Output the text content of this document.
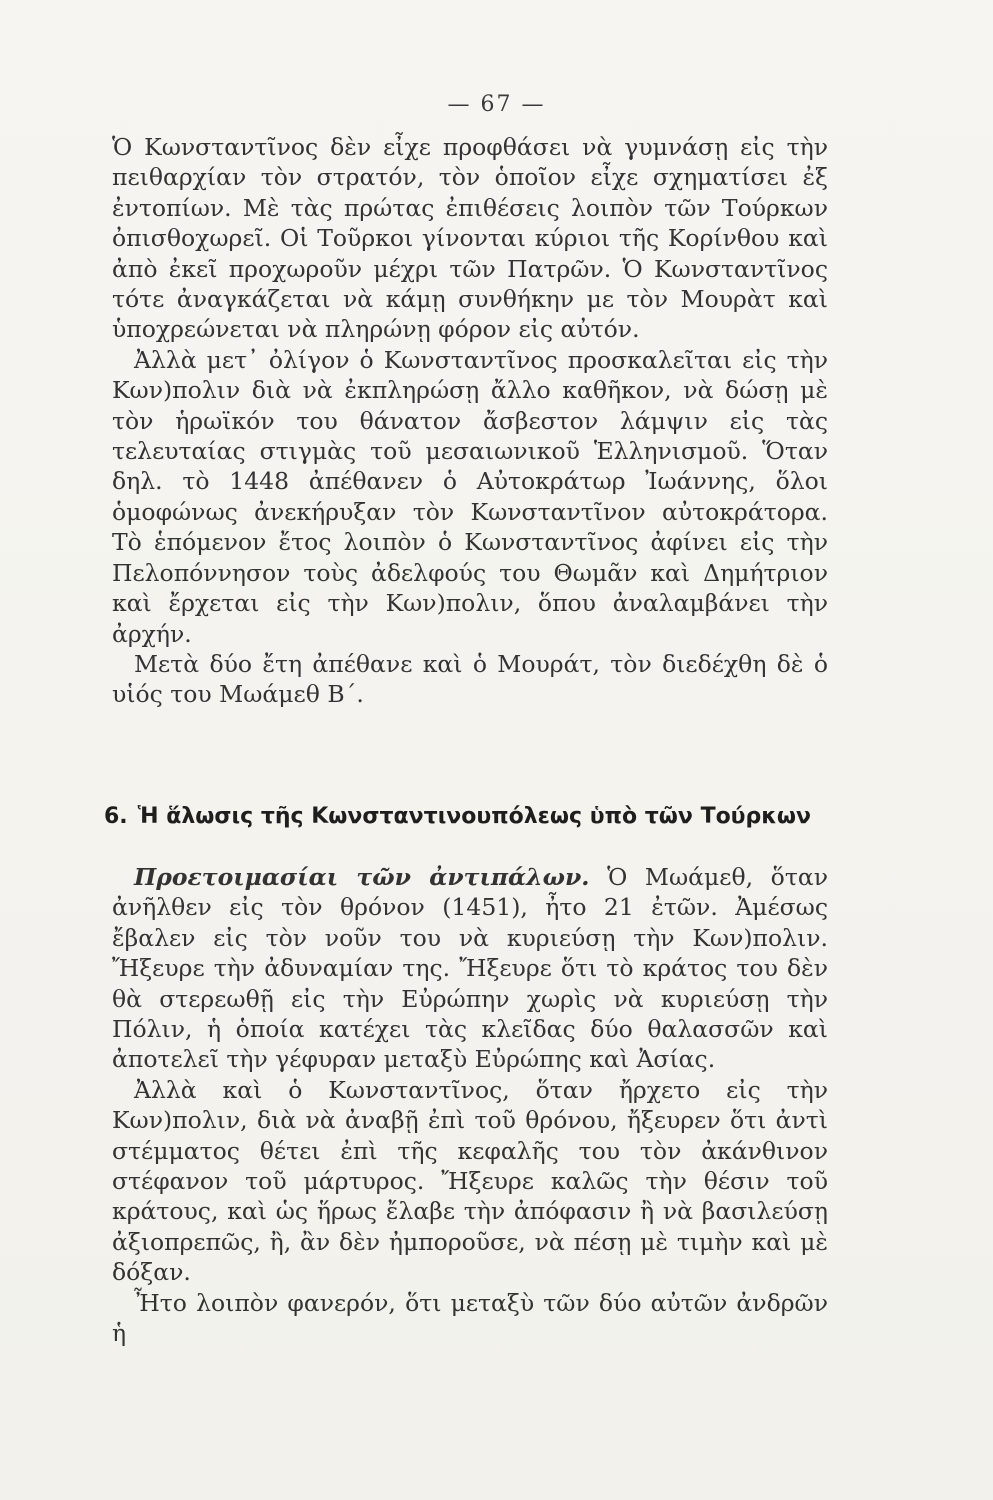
— 67 —

Ὁ Κωνσταντῖνος δὲν εἶχε προφθάσει νὰ γυμνάσῃ εἰς τὴν πειθαρχίαν τὸν στρατόν, τὸν ὁποῖον εἶχε σχηματίσει ἐξ ἐντοπίων. Μὲ τὰς πρώτας ἐπιθέσεις λοιπὸν τῶν Τούρκων ὀπισθοχωρεῖ. Οἱ Τοῦρκοι γίνονται κύριοι τῆς Κορίνθου καὶ ἀπὸ ἐκεῖ προχωροῦν μέχρι τῶν Πατρῶν. Ὁ Κωνσταντῖνος τότε ἀναγκάζεται νὰ κάμῃ συνθήκην με τὸν Μουρὰτ καὶ ὑποχρεώνεται νὰ πληρώνῃ φόρον εἰς αὐτόν.

Ἀλλὰ μετ᾿ ὀλίγον ὁ Κωνσταντῖνος προσκαλεῖται εἰς τὴν Κων)πολιν διὰ νὰ ἐκπληρώσῃ ἄλλο καθῆκον, νὰ δώσῃ μὲ τὸν ἡρωϊκόν του θάνατον ἄσβεστον λάμψιν εἰς τὰς τελευταίας στιγμὰς τοῦ μεσαιωνικοῦ Ἑλληνισμοῦ. Ὅταν δηλ. τὸ 1448 ἀπέθανεν ὁ Αὐτοκράτωρ Ἰωάννης, ὅλοι ὁμοφώνως ἀνεκήρυξαν τὸν Κωνσταντῖνον αὐτοκράτορα. Τὸ ἑπόμενον ἔτος λοιπὸν ὁ Κωνσταντῖνος ἀφίνει εἰς τὴν Πελοπόννησον τοὺς ἀδελφούς του Θωμᾶν καὶ Δημήτριον καὶ ἔρχεται εἰς τὴν Κων)πολιν, ὅπου ἀναλαμβάνει τὴν ἀρχήν.

Μετὰ δύο ἔτη ἀπέθανε καὶ ὁ Μουράτ, τὸν διεδέχθη δὲ ὁ υἱός του Μωάμεθ Β΄.

6. Ἡ ἅλωσις τῆς Κωνσταντινουπόλεως ὑπὸ τῶν Τούρκων

Προετοιμασίαι τῶν ἀντιπάλων. Ὁ Μωάμεθ, ὅταν ἀνῆλθεν εἰς τὸν θρόνον (1451), ἦτο 21 ἐτῶν. Ἀμέσως ἔβαλεν εἰς τὸν νοῦν του νὰ κυριεύσῃ τὴν Κων)πολιν. Ἤξευρε τὴν ἀδυναμίαν της. Ἤξευρε ὅτι τὸ κράτος του δὲν θὰ στερεωθῇ εἰς τὴν Εὐρώπην χωρὶς νὰ κυριεύσῃ τὴν Πόλιν, ἡ ὁποία κατέχει τὰς κλεῖδας δύο θαλασσῶν καὶ ἀποτελεῖ τὴν γέφυραν μεταξὺ Εὐρώπης καὶ Ἀσίας.

Ἀλλὰ καὶ ὁ Κωνσταντῖνος, ὅταν ἤρχετο εἰς τὴν Κων)πολιν, διὰ νὰ ἀναβῇ ἐπὶ τοῦ θρόνου, ἤξευρεν ὅτι ἀντὶ στέμματος θέτει ἐπὶ τῆς κεφαλῆς του τὸν ἀκάνθινον στέφανον τοῦ μάρτυρος. Ἤξευρε καλῶς τὴν θέσιν τοῦ κράτους, καὶ ὡς ἥρως ἔλαβε τὴν ἀπόφασιν ἢ νὰ βασιλεύσῃ ἀξιοπρεπῶς, ἢ, ἂν δὲν ἠμποροῦσε, νὰ πέσῃ μὲ τιμὴν καὶ μὲ δόξαν.

Ἦτο λοιπὸν φανερόν, ὅτι μεταξὺ τῶν δύο αὐτῶν ἀνδρῶν ἡ
